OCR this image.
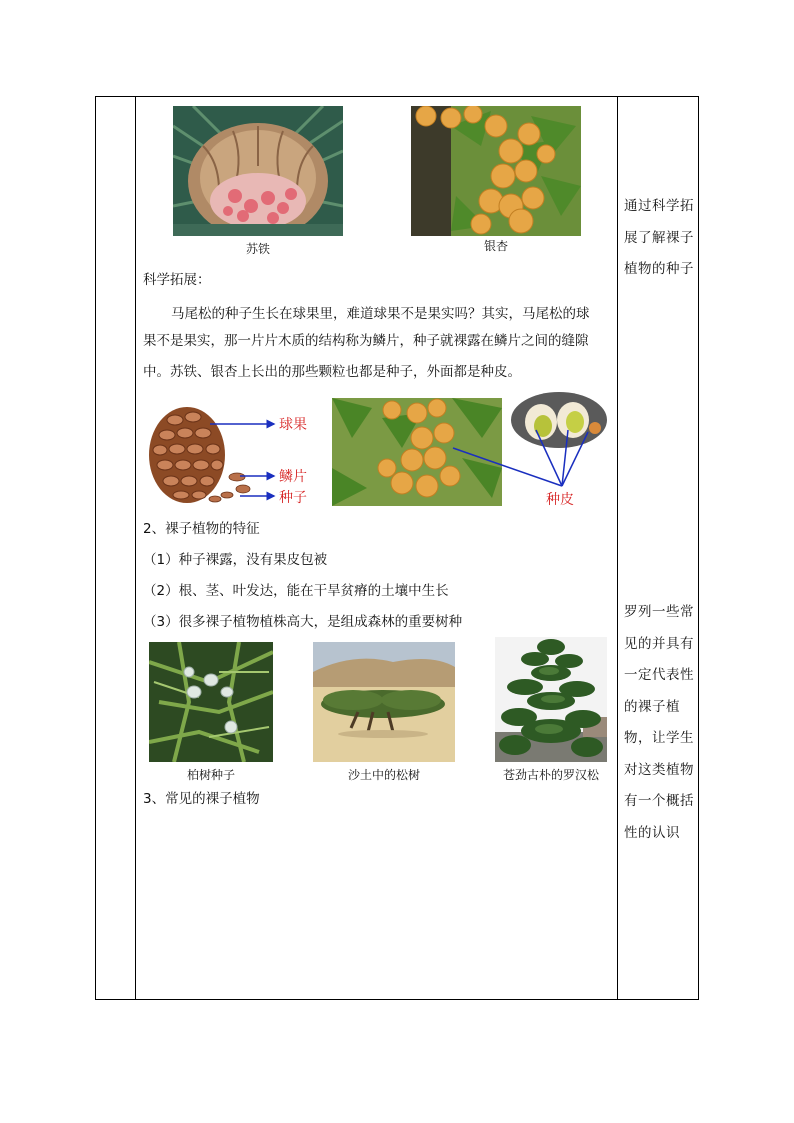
苏铁	银杏
科学拓展：
马尾松的种子生长在球果里，难道球果不是果实吗？其实，马尾松的球
果不是果实，那一片片木质的结构称为鳞片，种子就裸露在鳞片之间的缝隙
中。苏铁、银杏上长出的那些颗粒也都是种子，外面都是种皮。
球果
鳞片
种子	种皮
2、裸子植物的特征
（1）种子裸露，没有果皮包被
（2）根、茎、叶发达，能在干旱贫瘠的土壤中生长
（3）很多裸子植物植株高大，是组成森林的重要树种
柏树种子	沙土中的松树	苍劲古朴的罗汉松
3、常见的裸子植物
通过科学拓
展了解裸子
植物的种子
罗列一些常
见的并具有
一定代表性
的裸子植
物，让学生
对这类植物
有一个概括
性的认识
